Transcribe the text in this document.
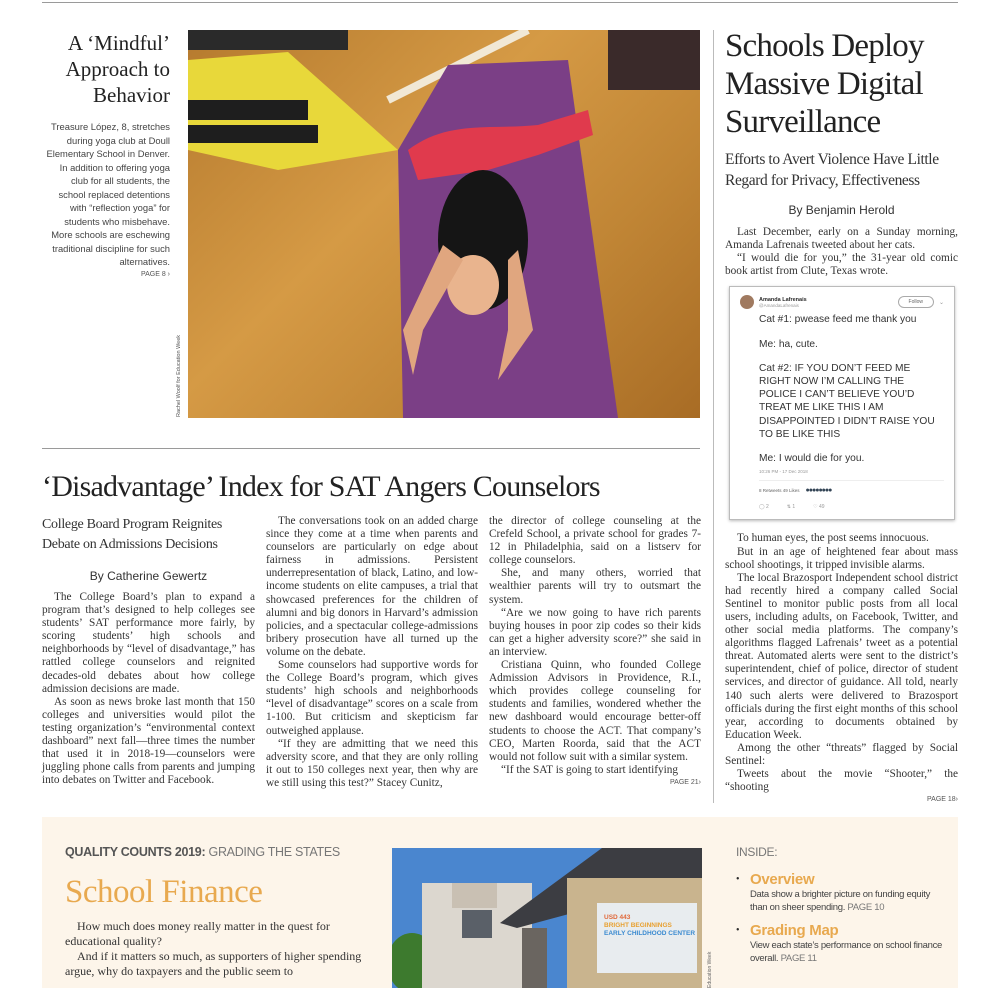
A ‘Mindful’ Approach to Behavior

Treasure López, 8, stretches during yoga club at Doull Elementary School in Denver. In addition to offering yoga club for all students, the school replaced detentions with “reflection yoga” for students who misbehave. More schools are eschewing traditional discipline for such alternatives.

PAGE 8 ›
Rachel Woolf for Education Week
‘Disadvantage’ Index for SAT Angers Counselors
College Board Program Reignites Debate on Admissions Decisions
By Catherine Gewertz

The College Board’s plan to expand a program that’s designed to help colleges see students’ SAT performance more fairly, by scoring students’ high schools and neighborhoods by “level of disadvantage,” has rattled college counselors and reignited decades-old debates about how college admission decisions are made.

As soon as news broke last month that 150 colleges and universities would pilot the testing organization’s “environmental context dashboard” next fall—three times the number that used it in 2018-19—counselors were juggling phone calls from parents and jumping into debates on Twitter and Facebook.

The conversations took on an added charge since they come at a time when parents and counselors are particularly on edge about fairness in admissions. Persistent underrepresentation of black, Latino, and low-income students on elite campuses, a trial that showcased preferences for the children of alumni and big donors in Harvard’s admission policies, and a spectacular college-admissions bribery prosecution have all turned up the volume on the debate.

Some counselors had supportive words for the College Board’s program, which gives students’ high schools and neighborhoods “level of disadvantage” scores on a scale from 1-100. But criticism and skepticism far outweighed applause.

“If they are admitting that we need this adversity score, and that they are only rolling it out to 150 colleges next year, then why are we still using this test?” Stacey Cunitz,

the director of college counseling at the Crefeld School, a private school for grades 7-12 in Philadelphia, said on a listserv for college counselors.

She, and many others, worried that wealthier parents will try to outsmart the system.

“Are we now going to have rich parents buying houses in poor zip codes so their kids can get a higher adversity score?” she said in an interview.

Cristiana Quinn, who founded College Admission Advisors in Providence, R.I., which provides college counseling for students and families, wondered whether the new dashboard would encourage better-off students to choose the ACT. That company’s CEO, Marten Roorda, said that the ACT would not follow suit with a similar system.

“If the SAT is going to start identifying

PAGE 21›
Schools Deploy Massive Digital Surveillance
Efforts to Avert Violence Have Little Regard for Privacy, Effectiveness
By Benjamin Herold

Last December, early on a Sunday morning, Amanda Lafrenais tweeted about her cats.

“I would die for you,” the 31-year old comic book artist from Clute, Texas wrote.

Amanda Lafrenais
@AmandaLafrenais	Follow	⌄

Cat #1: pwease feed me thank you

Me: ha, cute.

Cat #2: IF YOU DON’T FEED ME RIGHT NOW I’M CALLING THE POLICE I CAN’T BELIEVE YOU’D TREAT ME LIKE THIS I AM DISAPPOINTED I DIDN’T RAISE YOU TO BE LIKE THIS

Me: I would die for you.

10:26 PM - 17 Dec 2018

8 Retweets 49 Likes ●●●●●●●●
◯ 2	⇅ 1	♡ 49

To human eyes, the post seems innocuous.

But in an age of heightened fear about mass school shootings, it tripped invisible alarms.

The local Brazosport Independent school district had recently hired a company called Social Sentinel to monitor public posts from all local users, including adults, on Facebook, Twitter, and other social media platforms. The company’s algorithms flagged Lafrenais’ tweet as a potential threat. Automated alerts were sent to the district’s superintendent, chief of police, director of student services, and director of guidance. All told, nearly 140 such alerts were delivered to Brazosport officials during the first eight months of this school year, according to documents obtained by Education Week.

Among the other “threats” flagged by Social Sentinel:

Tweets about the movie “Shooter,” the “shooting

PAGE 18›
QUALITY COUNTS 2019: GRADING THE STATES
School Finance

How much does money really matter in the quest for educational quality?

And if it matters so much, as supporters of higher spending argue, why do taxpayers and the public seem to

USD 443
BRIGHT BEGINNINGS
EARLY CHILDHOOD CENTER
Education Week
INSIDE:
• Overview
Data show a brighter picture on funding equity than on sheer spending. PAGE 10
• Grading Map
View each state’s performance on school finance overall. PAGE 11
